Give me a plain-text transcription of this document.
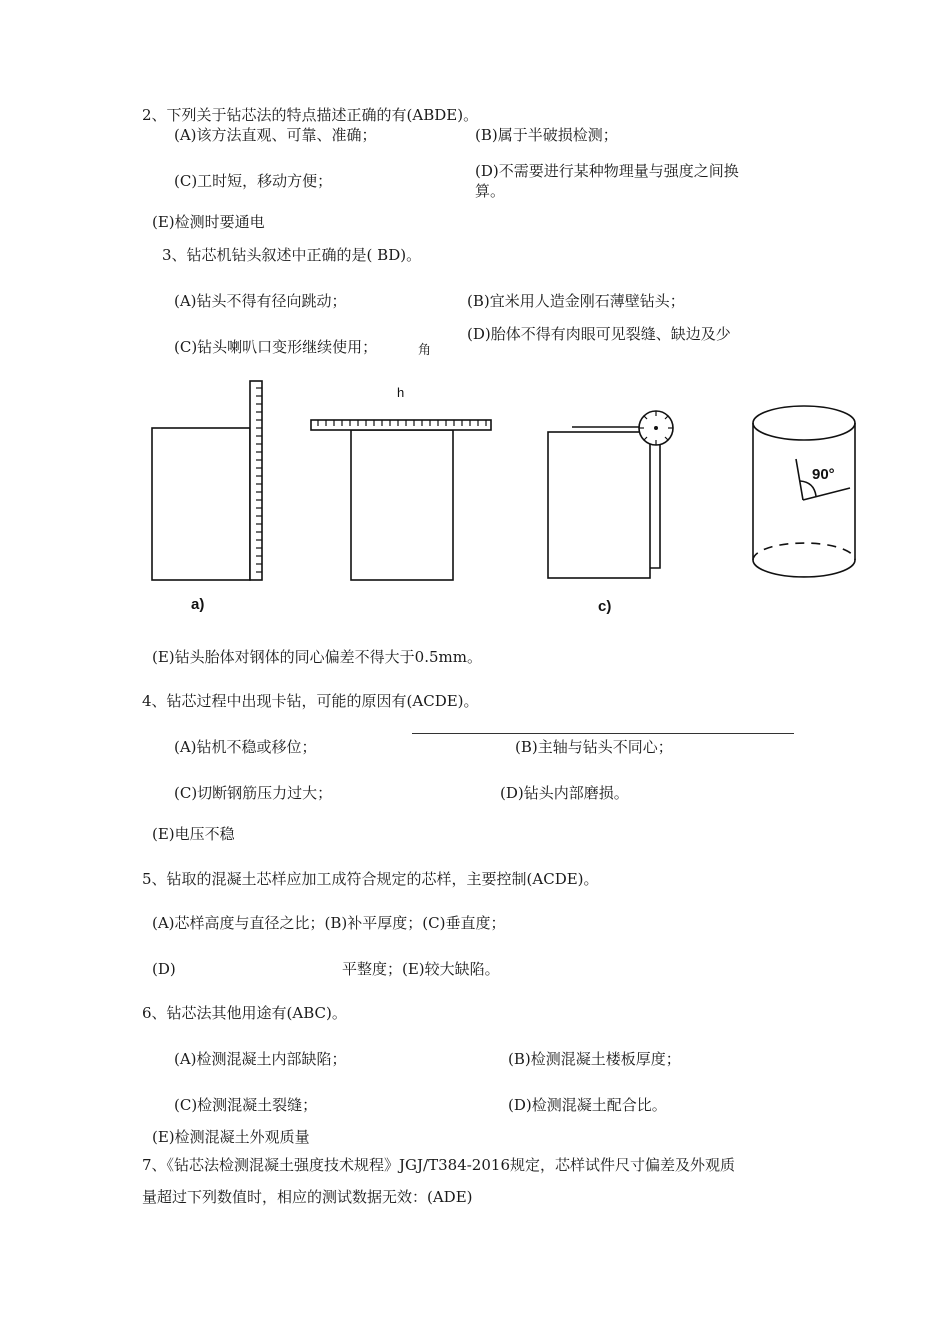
2、下列关于钻芯法的特点描述正确的有(ABDE)。
(A)该方法直观、可靠、准确；	(B)属于半破损检测；
(C)工时短，移动方便；
(D)不需要进行某种物理量与强度之间换
算。
(E)检测时要通电
3、钻芯机钻头叙述中正确的是( BD)。
(A)钻头不得有径向跳动；	(B)宜米用人造金刚石薄壁钻头；
(C)钻头喇叭口变形继续使用；
(D)胎体不得有肉眼可见裂缝、缺边及少
角
a)
h
c)
90°
(E)钻头胎体对钢体的同心偏差不得大于0.5mm。
4、钻芯过程中出现卡钻，可能的原因有(ACDE)。
(A)钻机不稳或移位；	(B)主轴与钻头不同心；
(C)切断钢筋压力过大；	(D)钻头内部磨损。
(E)电压不稳
5、钻取的混凝土芯样应加工成符合规定的芯样，主要控制(ACDE)。
(A)芯样高度与直径之比；(B)补平厚度；(C)垂直度；
(D)	平整度；(E)较大缺陷。
6、钻芯法其他用途有(ABC)。
(A)检测混凝土内部缺陷；	(B)检测混凝土楼板厚度；
(C)检测混凝土裂缝；	(D)检测混凝土配合比。
(E)检测混凝土外观质量
7、《钻芯法检测混凝土强度技术规程》JGJ/T384-2016规定，芯样试件尺寸偏差及外观质
量超过下列数值时，相应的测试数据无效：(ADE)
